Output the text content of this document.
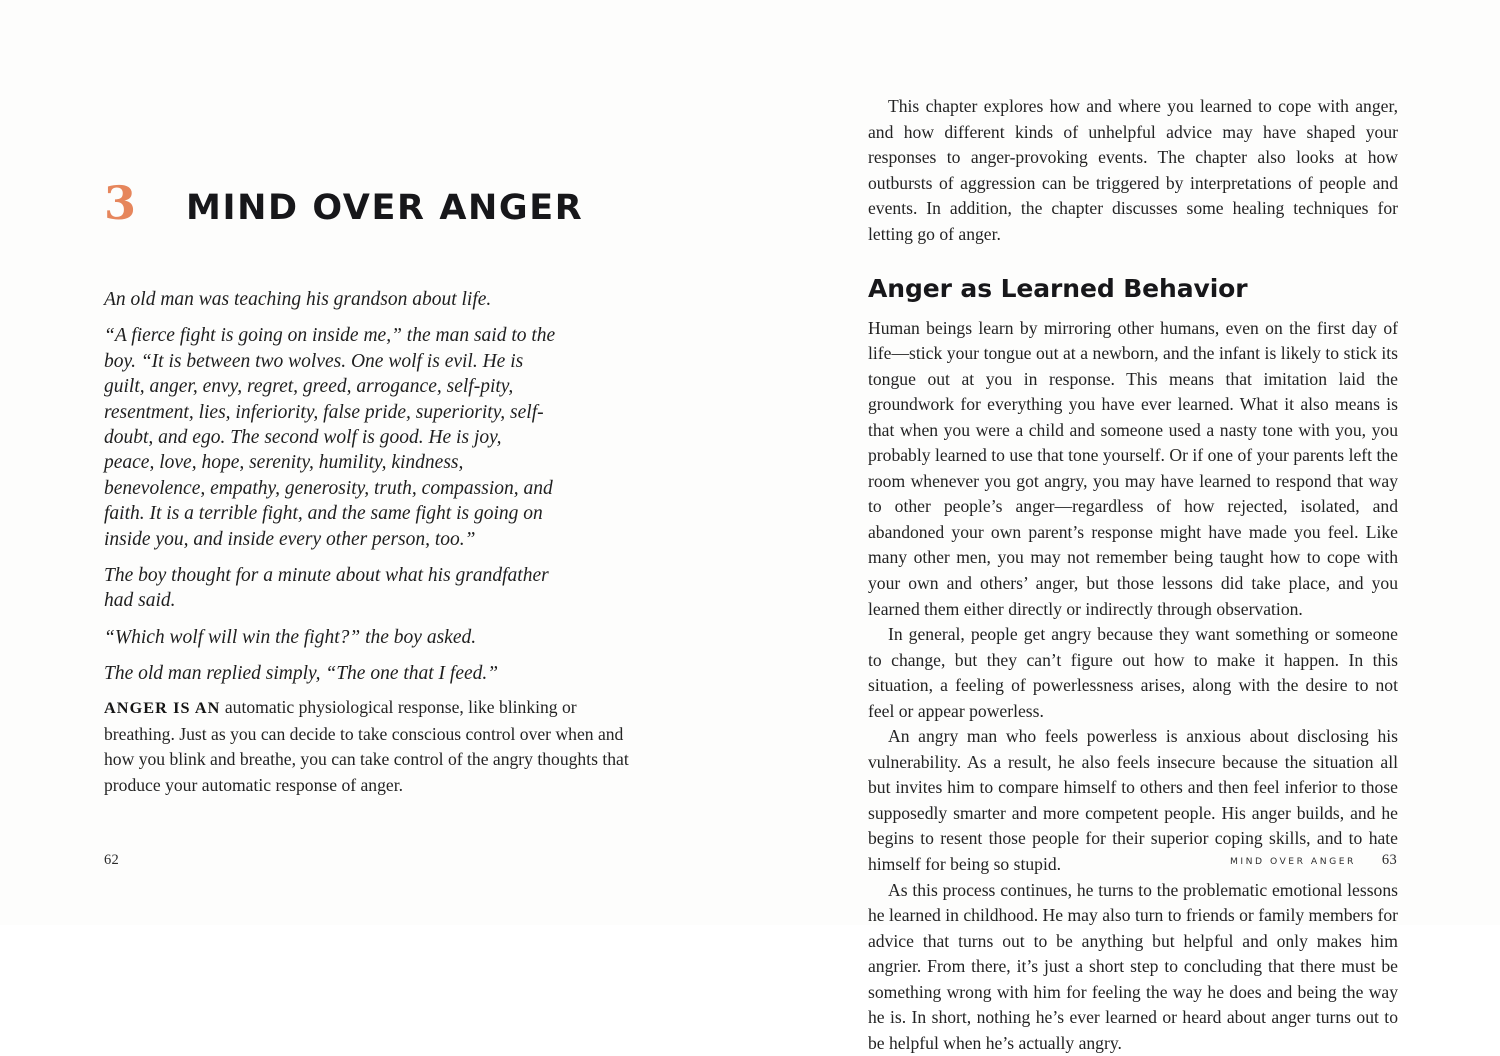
3 MIND OVER ANGER

An old man was teaching his grandson about life.

“A fierce fight is going on inside me,” the man said to the boy. “It is between two wolves. One wolf is evil. He is guilt, anger, envy, regret, greed, arrogance, self-pity, resentment, lies, inferiority, false pride, superiority, self-doubt, and ego. The second wolf is good. He is joy, peace, love, hope, serenity, humility, kindness, benevolence, empathy, generosity, truth, compassion, and faith. It is a terrible fight, and the same fight is going on inside you, and inside every other person, too.”

The boy thought for a minute about what his grandfather had said.

“Which wolf will win the fight?” the boy asked.

The old man replied simply, “The one that I feed.”

ANGER IS AN automatic physiological response, like blinking or breathing. Just as you can decide to take conscious control over when and how you blink and breathe, you can take control of the angry thoughts that produce your automatic response of anger.

62

This chapter explores how and where you learned to cope with anger, and how different kinds of unhelpful advice may have shaped your responses to anger-provoking events. The chapter also looks at how outbursts of aggression can be triggered by interpretations of people and events. In addition, the chapter discusses some healing techniques for letting go of anger.

Anger as Learned Behavior

Human beings learn by mirroring other humans, even on the first day of life—stick your tongue out at a newborn, and the infant is likely to stick its tongue out at you in response. This means that imitation laid the groundwork for everything you have ever learned. What it also means is that when you were a child and someone used a nasty tone with you, you probably learned to use that tone yourself. Or if one of your parents left the room whenever you got angry, you may have learned to respond that way to other people’s anger—regardless of how rejected, isolated, and abandoned your own parent’s response might have made you feel. Like many other men, you may not remember being taught how to cope with your own and others’ anger, but those lessons did take place, and you learned them either directly or indirectly through observation.

In general, people get angry because they want something or someone to change, but they can’t figure out how to make it happen. In this situation, a feeling of powerlessness arises, along with the desire to not feel or appear powerless.

An angry man who feels powerless is anxious about disclosing his vulnerability. As a result, he also feels insecure because the situation all but invites him to compare himself to others and then feel inferior to those supposedly smarter and more competent people. His anger builds, and he begins to resent those people for their superior coping skills, and to hate himself for being so stupid.

As this process continues, he turns to the problematic emotional lessons he learned in childhood. He may also turn to friends or family members for advice that turns out to be anything but helpful and only makes him angrier. From there, it’s just a short step to concluding that there must be something wrong with him for feeling the way he does and being the way he is. In short, nothing he’s ever learned or heard about anger turns out to be helpful when he’s actually angry.

MIND OVER ANGER 63
